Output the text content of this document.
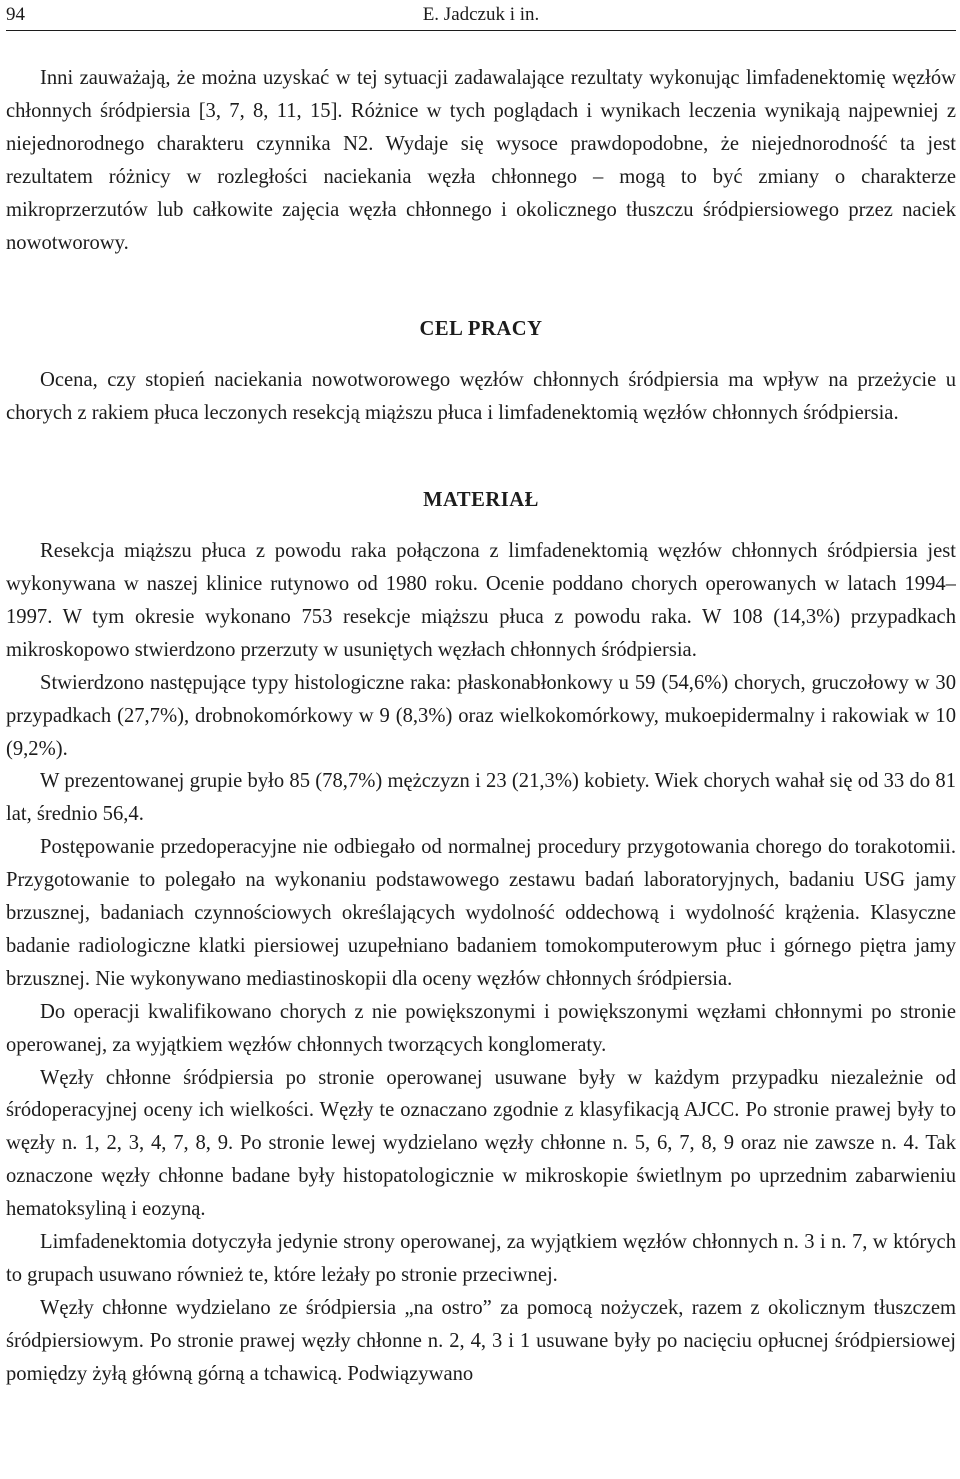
94	E. Jadczuk i in.

Inni zauważają, że można uzyskać w tej sytuacji zadawalające rezultaty wykonując limfadenektomię węzłów chłonnych śródpiersia [3, 7, 8, 11, 15]. Różnice w tych poglądach i wynikach leczenia wynikają najpewniej z niejednorodnego charakteru czynnika N2. Wydaje się wysoce prawdopodobne, że niejednorodność ta jest rezultatem różnicy w rozległości naciekania węzła chłonnego – mogą to być zmiany o charakterze mikroprzerzutów lub całkowite zajęcia węzła chłonnego i okolicznego tłuszczu śródpiersiowego przez naciek nowotworowy.

CEL PRACY

Ocena, czy stopień naciekania nowotworowego węzłów chłonnych śródpiersia ma wpływ na przeżycie u chorych z rakiem płuca leczonych resekcją miąższu płuca i limfadenektomią węzłów chłonnych śródpiersia.

MATERIAŁ

Resekcja miąższu płuca z powodu raka połączona z limfadenektomią węzłów chłonnych śródpiersia jest wykonywana w naszej klinice rutynowo od 1980 roku. Ocenie poddano chorych operowanych w latach 1994–1997. W tym okresie wykonano 753 resekcje miąższu płuca z powodu raka. W 108 (14,3%) przypadkach mikroskopowo stwierdzono przerzuty w usuniętych węzłach chłonnych śródpiersia.

Stwierdzono następujące typy histologiczne raka: płaskonabłonkowy u 59 (54,6%) chorych, gruczołowy w 30 przypadkach (27,7%), drobnokomórkowy w 9 (8,3%) oraz wielkokomórkowy, mukoepidermalny i rakowiak w 10 (9,2%).

W prezentowanej grupie było 85 (78,7%) mężczyzn i 23 (21,3%) kobiety. Wiek chorych wahał się od 33 do 81 lat, średnio 56,4.

Postępowanie przedoperacyjne nie odbiegało od normalnej procedury przygotowania chorego do torakotomii. Przygotowanie to polegało na wykonaniu podstawowego zestawu badań laboratoryjnych, badaniu USG jamy brzusznej, badaniach czynnościowych określających wydolność oddechową i wydolność krążenia. Klasyczne badanie radiologiczne klatki piersiowej uzupełniano badaniem tomokomputerowym płuc i górnego piętra jamy brzusznej. Nie wykonywano mediastinoskopii dla oceny węzłów chłonnych śródpiersia.

Do operacji kwalifikowano chorych z nie powiększonymi i powiększonymi węzłami chłonnymi po stronie operowanej, za wyjątkiem węzłów chłonnych tworzących konglomeraty.

Węzły chłonne śródpiersia po stronie operowanej usuwane były w każdym przypadku niezależnie od śródoperacyjnej oceny ich wielkości. Węzły te oznaczano zgodnie z klasyfikacją AJCC. Po stronie prawej były to węzły n. 1, 2, 3, 4, 7, 8, 9. Po stronie lewej wydzielano węzły chłonne n. 5, 6, 7, 8, 9 oraz nie zawsze n. 4. Tak oznaczone węzły chłonne badane były histopatologicznie w mikroskopie świetlnym po uprzednim zabarwieniu hematoksyliną i eozyną.

Limfadenektomia dotyczyła jedynie strony operowanej, za wyjątkiem węzłów chłonnych n. 3 i n. 7, w których to grupach usuwano również te, które leżały po stronie przeciwnej.

Węzły chłonne wydzielano ze śródpiersia „na ostro” za pomocą nożyczek, razem z okolicznym tłuszczem śródpiersiowym. Po stronie prawej węzły chłonne n. 2, 4, 3 i 1 usuwane były po nacięciu opłucnej śródpiersiowej pomiędzy żyłą główną górną a tchawicą. Podwiązywano
